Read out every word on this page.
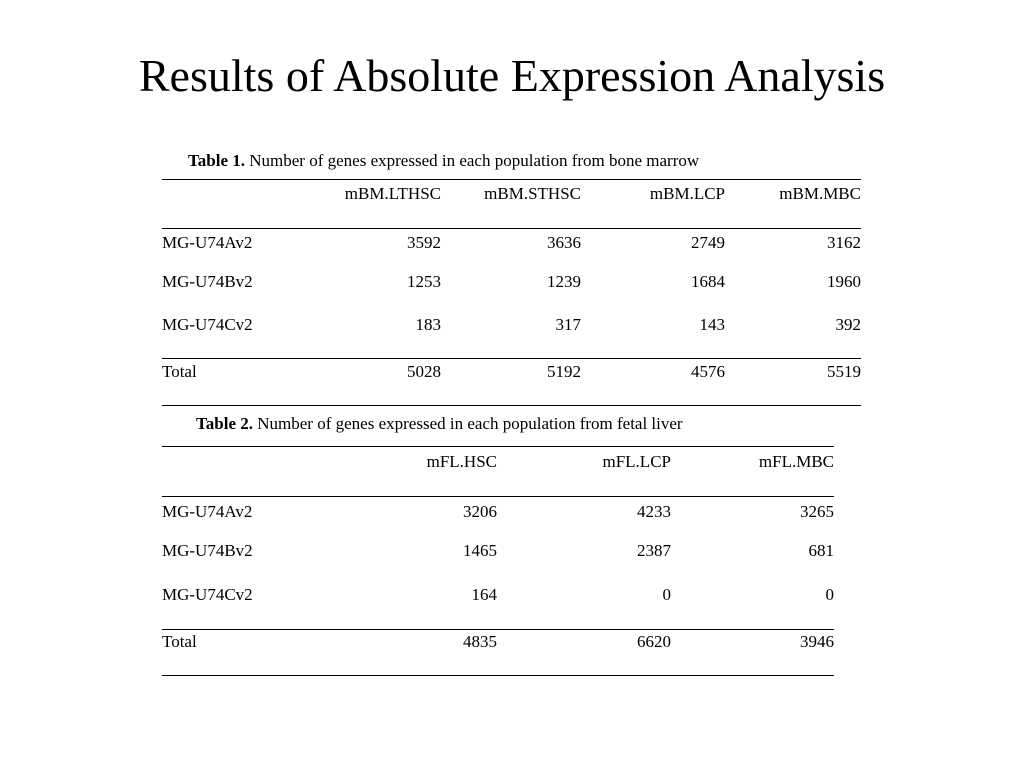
Results of Absolute Expression Analysis
Table 1. Number of genes expressed in each population from bone marrow
	mBM.LTHSC	mBM.STHSC	mBM.LCP	mBM.MBC
MG-U74Av2	3592	3636	2749	3162
MG-U74Bv2	1253	1239	1684	1960
MG-U74Cv2	183	317	143	392
Total	5028	5192	4576	5519
Table 2. Number of genes expressed in each population from fetal liver
	mFL.HSC	mFL.LCP	mFL.MBC
MG-U74Av2	3206	4233	3265
MG-U74Bv2	1465	2387	681
MG-U74Cv2	164	0	0
Total	4835	6620	3946
